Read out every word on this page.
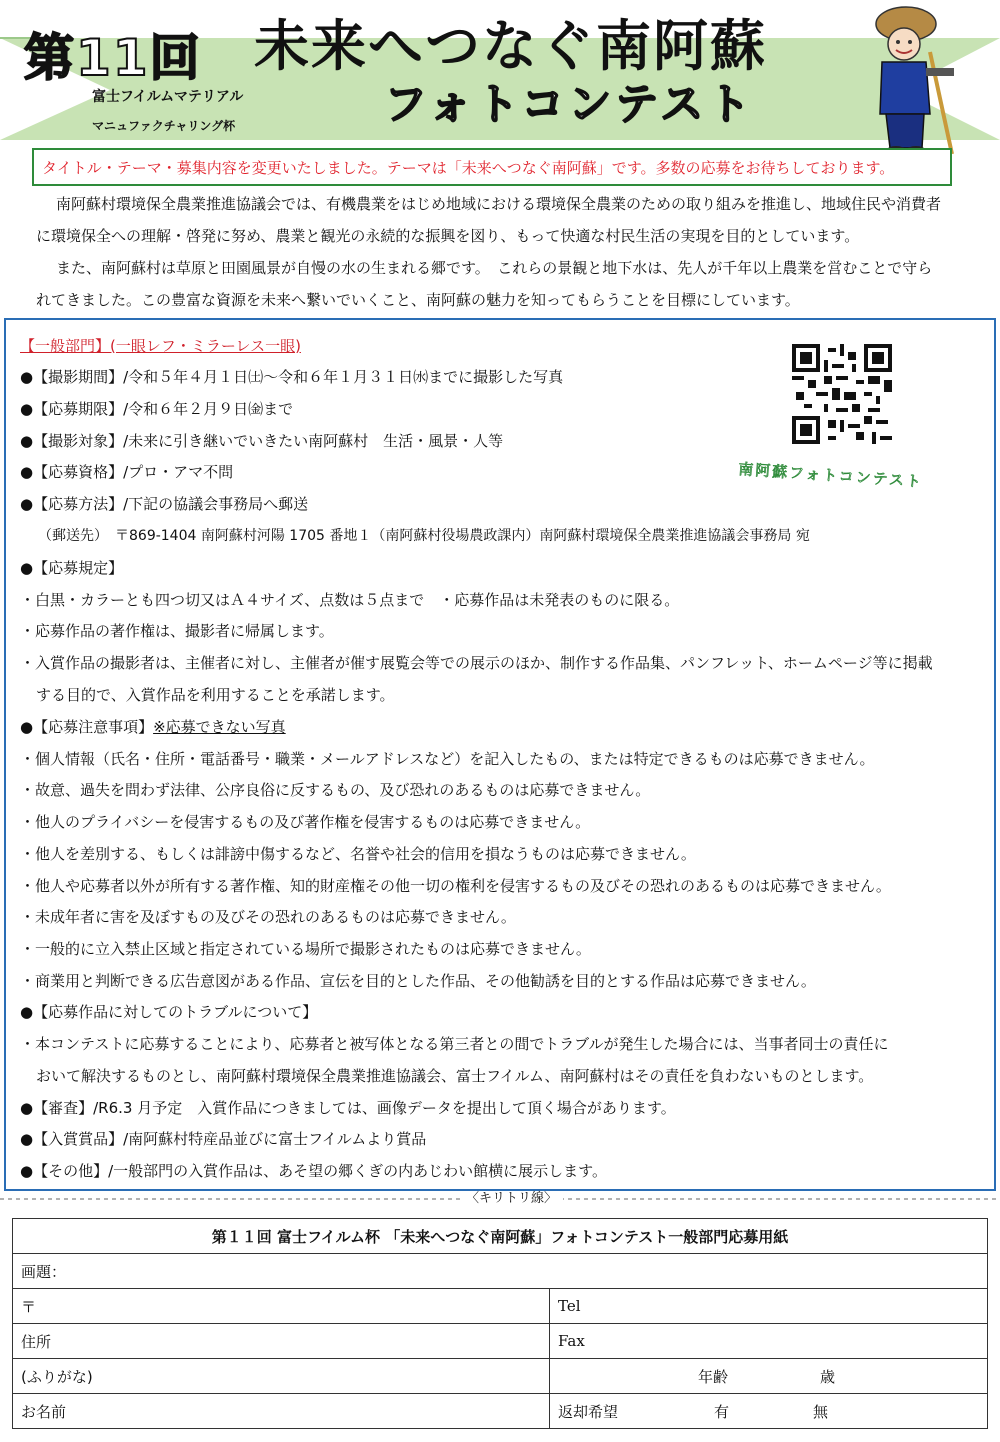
第11回
富士フイルムマテリアル
マニュファクチャリング杯
未来へつなぐ南阿蘇
フォトコンテスト
タイトル・テーマ・募集内容を変更いたしました。テーマは「未来へつなぐ南阿蘇」です。多数の応募をお待ちしております。
南阿蘇村環境保全農業推進協議会では、有機農業をはじめ地域における環境保全農業のための取り組みを推進し、地域住民や消費者
に環境保全への理解・啓発に努め、農業と観光の永続的な振興を図り、もって快適な村民生活の実現を目的としています。
また、南阿蘇村は草原と田園風景が自慢の水の生まれる郷です。　これらの景観と地下水は、先人が千年以上農業を営むことで守ら
れてきました。この豊富な資源を未来へ繋いでいくこと、南阿蘇の魅力を知ってもらうことを目標にしています。
【一般部門】(一眼レフ・ミラーレス一眼)
●【撮影期間】/令和５年４月１日㈯～令和６年１月３１日㈬までに撮影した写真
●【応募期限】/令和６年２月９日㈮まで
●【撮影対象】/未来に引き継いでいきたい南阿蘇村　生活・風景・人等
●【応募資格】/プロ・アマ不問
●【応募方法】/下記の協議会事務局へ郵送
（郵送先）　〒869-1404 南阿蘇村河陽 1705 番地１（南阿蘇村役場農政課内）南阿蘇村環境保全農業推進協議会事務局 宛
●【応募規定】
・白黒・カラーとも四つ切又はＡ４サイズ、点数は５点まで　・応募作品は未発表のものに限る。
・応募作品の著作権は、撮影者に帰属します。
・入賞作品の撮影者は、主催者に対し、主催者が催す展覧会等での展示のほか、制作する作品集、パンフレット、ホームページ等に掲載
する目的で、入賞作品を利用することを承諾します。
●【応募注意事項】※応募できない写真
・個人情報（氏名・住所・電話番号・職業・メールアドレスなど）を記入したもの、または特定できるものは応募できません。
・故意、過失を問わず法律、公序良俗に反するもの、及び恐れのあるものは応募できません。
・他人のプライバシーを侵害するもの及び著作権を侵害するものは応募できません。
・他人を差別する、もしくは誹謗中傷するなど、名誉や社会的信用を損なうものは応募できません。
・他人や応募者以外が所有する著作権、知的財産権その他一切の権利を侵害するもの及びその恐れのあるものは応募できません。
・未成年者に害を及ぼすもの及びその恐れのあるものは応募できません。
・一般的に立入禁止区域と指定されている場所で撮影されたものは応募できません。
・商業用と判断できる広告意図がある作品、宣伝を目的とした作品、その他勧誘を目的とする作品は応募できません。
●【応募作品に対してのトラブルについて】
・本コンテストに応募することにより、応募者と被写体となる第三者との間でトラブルが発生した場合には、当事者同士の責任に
おいて解決するものとし、南阿蘇村環境保全農業推進協議会、富士フイルム、南阿蘇村はその責任を負わないものとします。
●【審査】/R6.3 月予定　入賞作品につきましては、画像データを提出して頂く場合があります。
●【入賞賞品】/南阿蘇村特産品並びに富士フイルムより賞品
●【その他】/一般部門の入賞作品は、あそ望の郷くぎの内あじわい館横に展示します。
南阿蘇フォトコンテスト
〈キリトリ線〉
第１１回 富士フイルム杯 「未来へつなぐ南阿蘇」フォトコンテスト一般部門応募用紙	
画題：	
〒	Tel
住所	Fax
(ふりがな)	年齢 歳
お名前	返却希望 有 無
